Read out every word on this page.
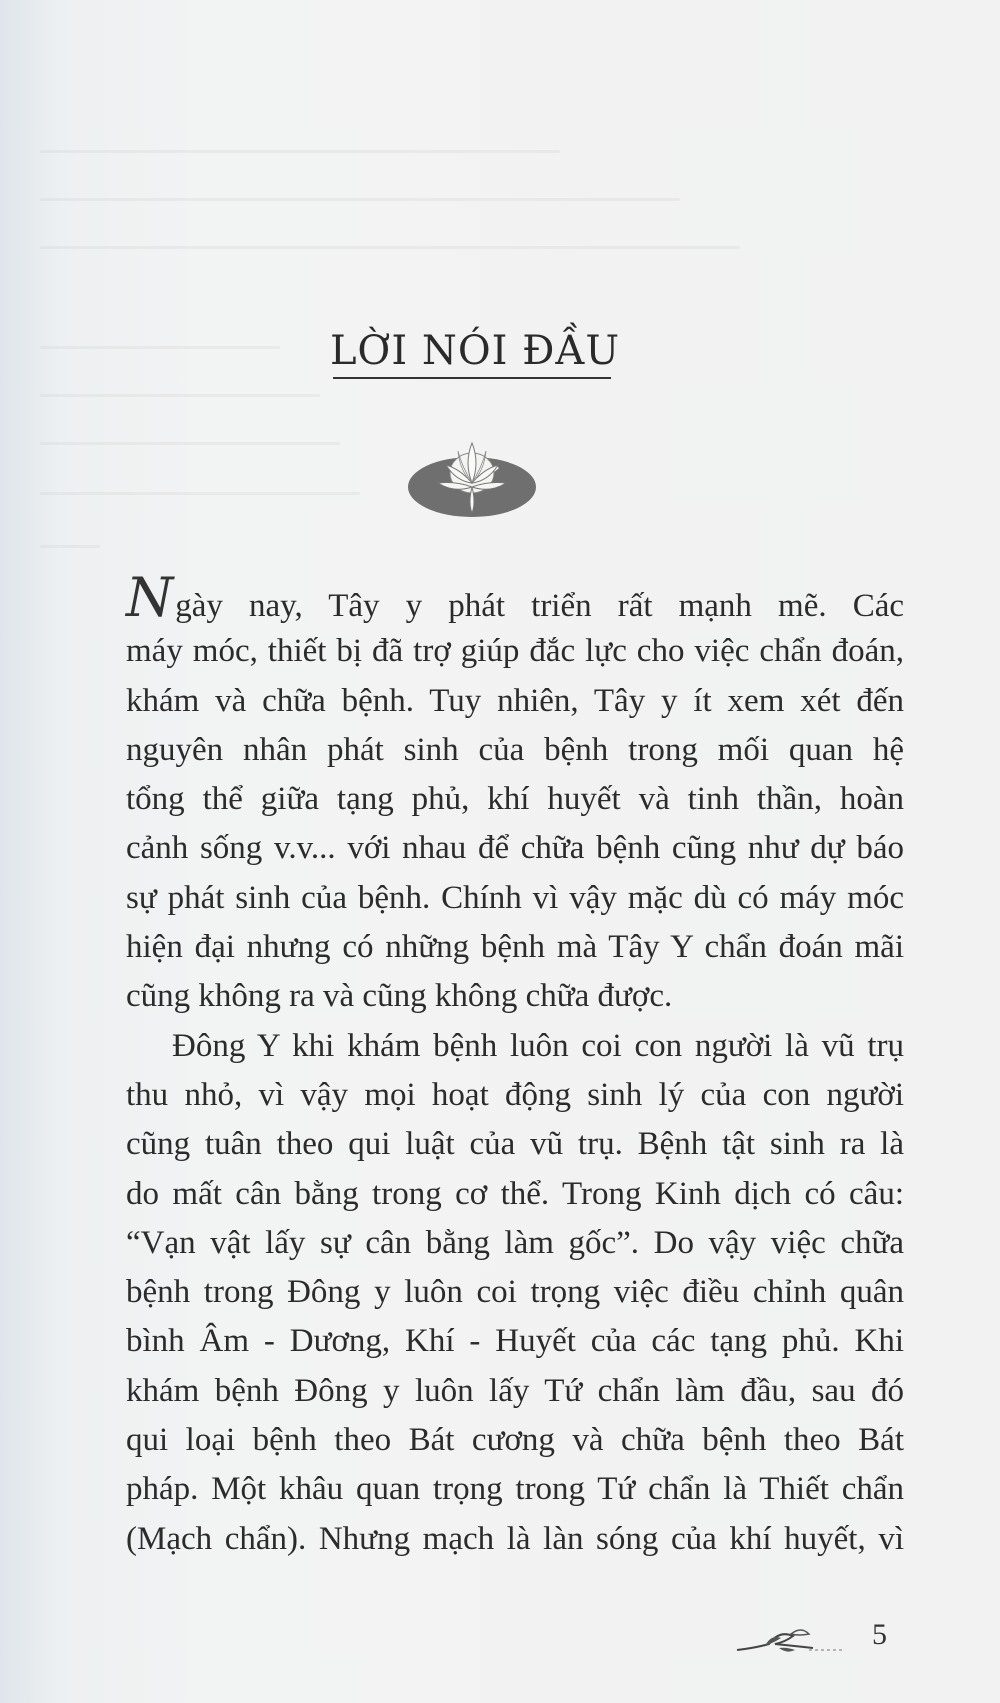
LỜI NÓI ĐẦU
Ngày nay, Tây y phát triển rất mạnh mẽ. Các
máy móc, thiết bị đã trợ giúp đắc lực cho việc chẩn đoán,
khám và chữa bệnh. Tuy nhiên, Tây y ít xem xét đến
nguyên nhân phát sinh của bệnh trong mối quan hệ
tổng thể giữa tạng phủ, khí huyết và tinh thần, hoàn
cảnh sống v.v... với nhau để chữa bệnh cũng như dự báo
sự phát sinh của bệnh. Chính vì vậy mặc dù có máy móc
hiện đại nhưng có những bệnh mà Tây Y chẩn đoán mãi
cũng không ra và cũng không chữa được.
Đông Y khi khám bệnh luôn coi con người là vũ trụ
thu nhỏ, vì vậy mọi hoạt động sinh lý của con người
cũng tuân theo qui luật của vũ trụ. Bệnh tật sinh ra là
do mất cân bằng trong cơ thể. Trong Kinh dịch có câu:
“Vạn vật lấy sự cân bằng làm gốc”. Do vậy việc chữa
bệnh trong Đông y luôn coi trọng việc điều chỉnh quân
bình Âm - Dương, Khí - Huyết của các tạng phủ. Khi
khám bệnh Đông y luôn lấy Tứ chẩn làm đầu, sau đó
qui loại bệnh theo Bát cương và chữa bệnh theo Bát
pháp. Một khâu quan trọng trong Tứ chẩn là Thiết chẩn
(Mạch chẩn). Nhưng mạch là làn sóng của khí huyết, vì
5
